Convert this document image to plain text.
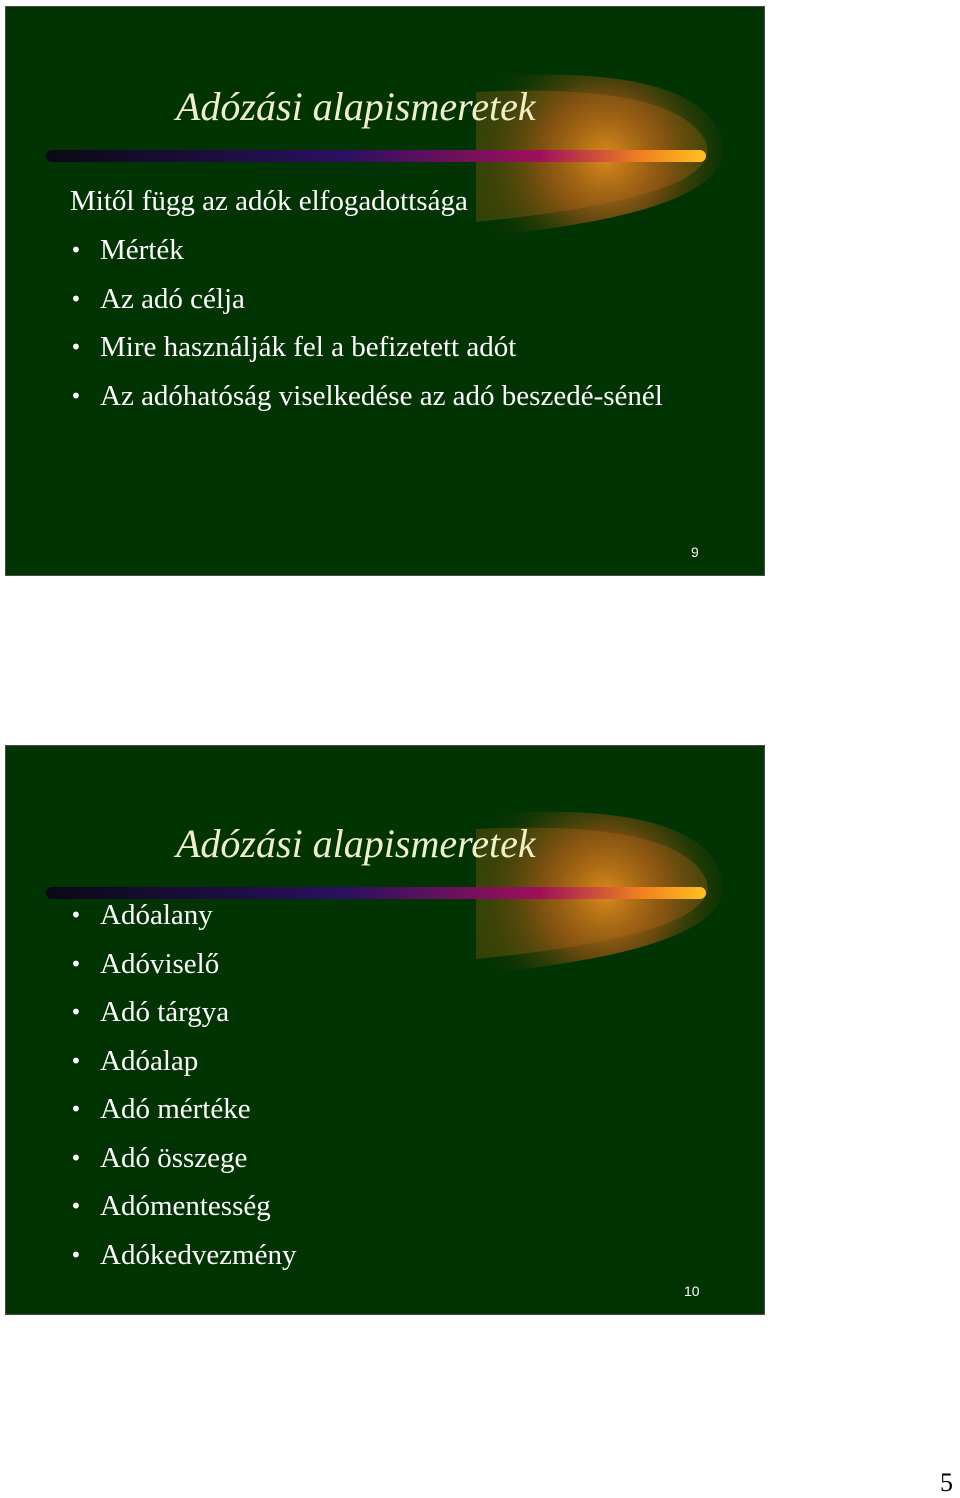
Adózási alapismeretek
Mitől függ az adók elfogadottsága
• Mérték
• Az adó célja
• Mire használják fel a befizetett adót
• Az adóhatóság viselkedése az adó beszedé-sénél
9
Adózási alapismeretek
• Adóalany
• Adóviselő
• Adó tárgya
• Adóalap
• Adó mértéke
• Adó összege
• Adómentesség
• Adókedvezmény
10
5
